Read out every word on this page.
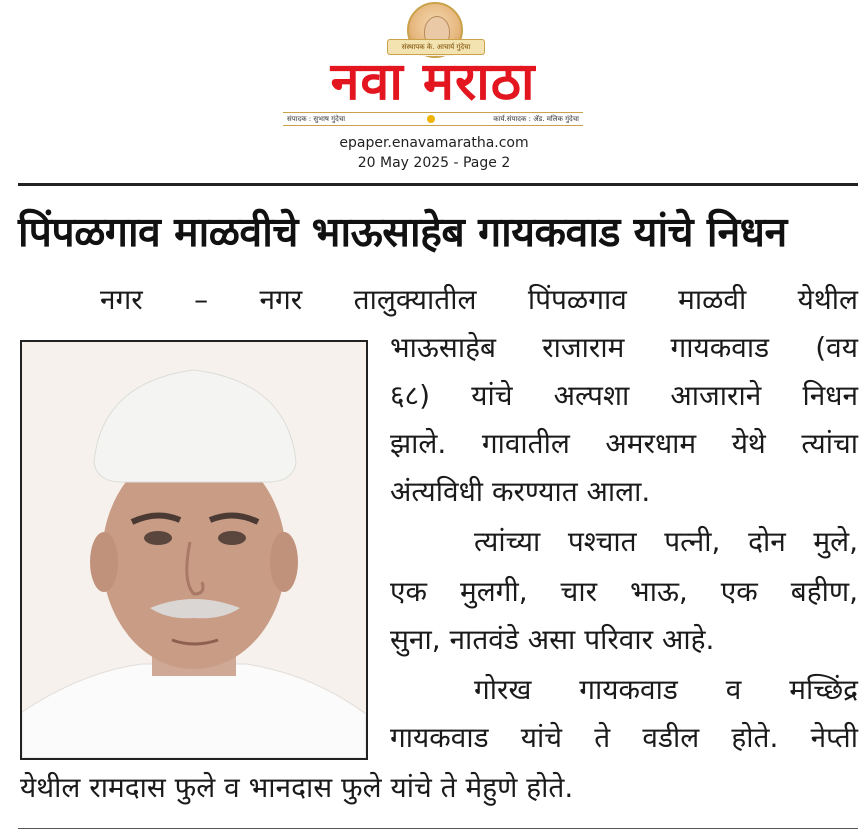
संस्थापक के. आचार्य गुंदेचा
नवा मराठा
संपादक : सुभाष गुंदेचा	कार्य.संपादक : ॲड. मलिक गुंदेचा
epaper.enavamaratha.com
20 May 2025 - Page 2
पिंपळगाव माळवीचे भाऊसाहेब गायकवाड यांचे निधन
नगर – नगर तालुक्यातील पिंपळगाव माळवी येथील
भाऊसाहेब राजाराम गायकवाड (वय
६८) यांचे अल्पशा आजाराने निधन
झाले. गावातील अमरधाम येथे त्यांचा
अंत्यविधी करण्यात आला.
त्यांच्या पश्चात पत्नी, दोन मुले,
एक मुलगी, चार भाऊ, एक बहीण,
सुना, नातवंडे असा परिवार आहे.
गोरख गायकवाड व मच्छिंद्र
गायकवाड यांचे ते वडील होते. नेप्ती
येथील रामदास फुले व भानदास फुले यांचे ते मेहुणे होते.
